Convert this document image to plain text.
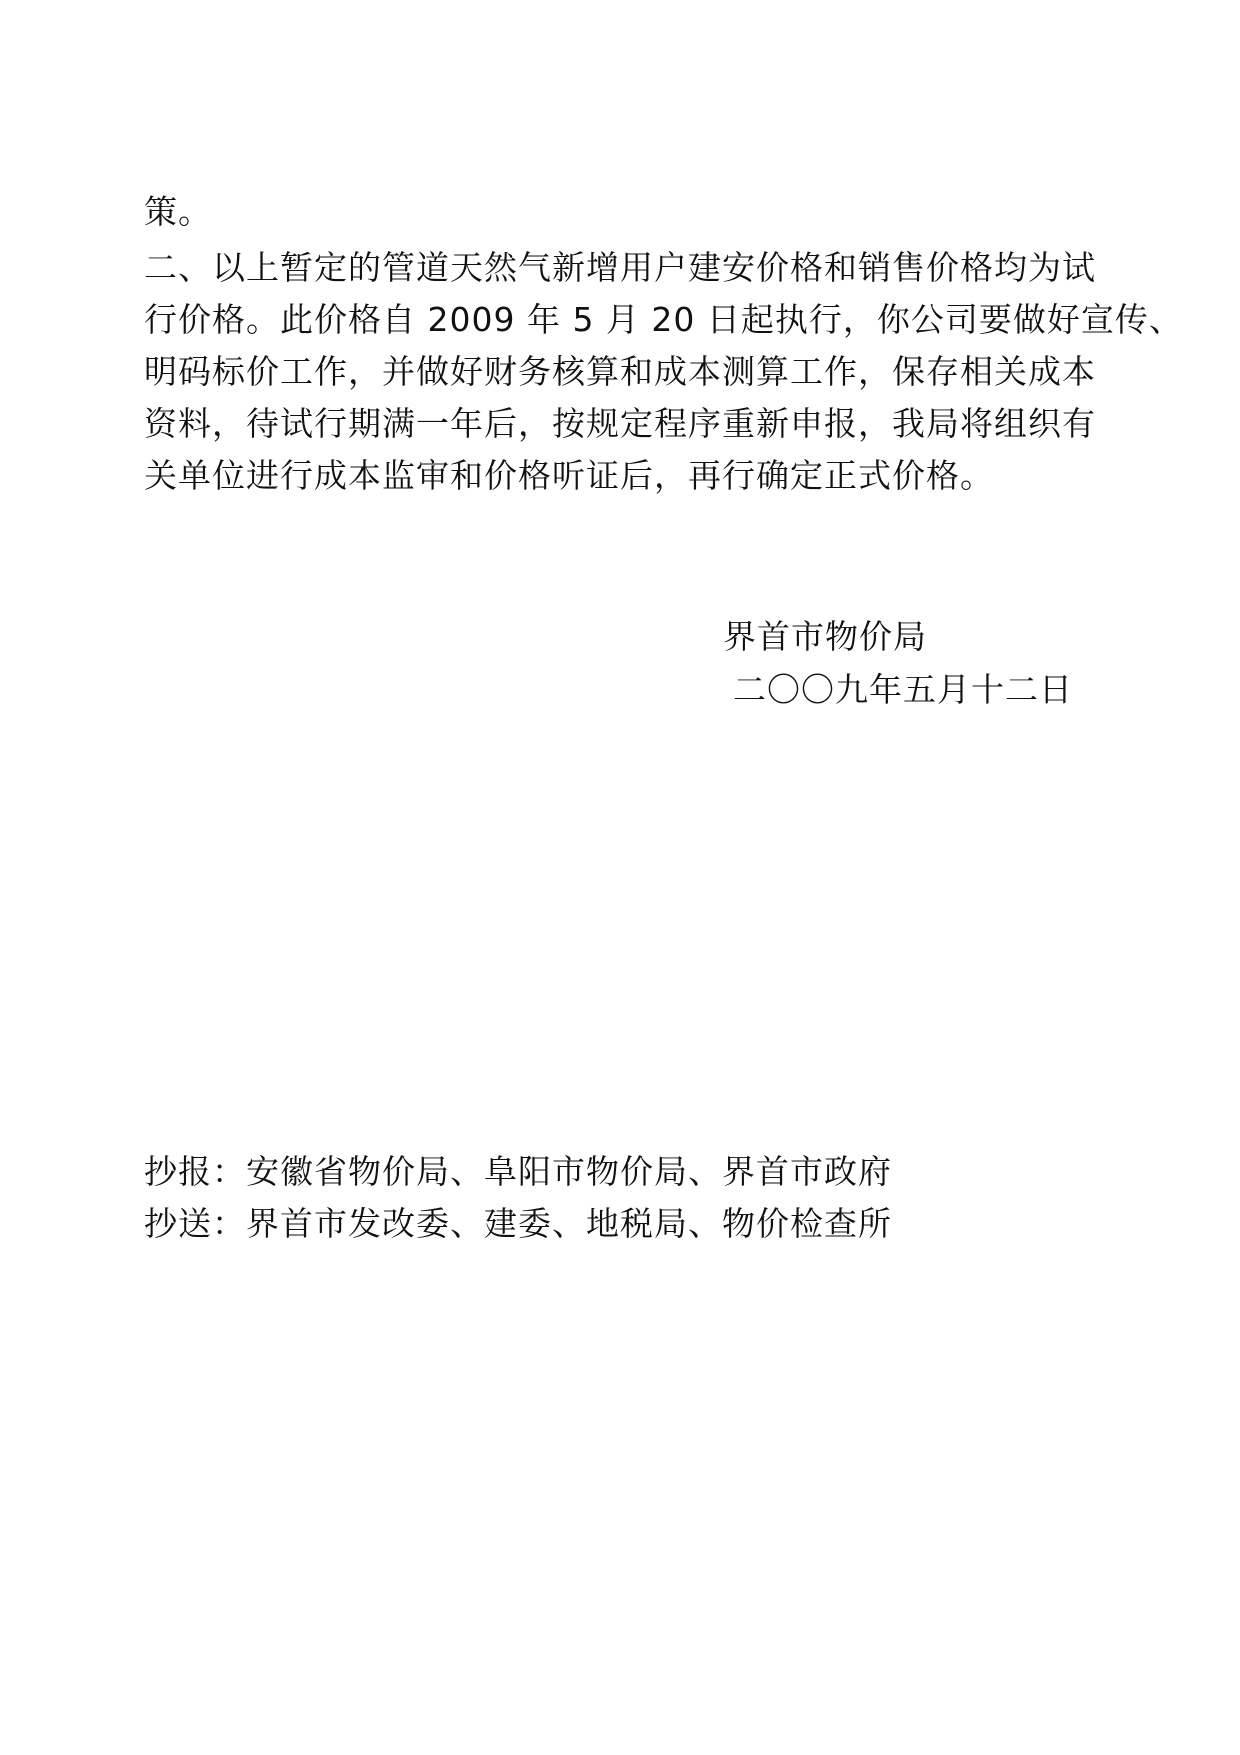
策。
二、以上暂定的管道天然气新增用户建安价格和销售价格均为试
行价格。此价格自 2009 年 5 月 20 日起执行，你公司要做好宣传、
明码标价工作，并做好财务核算和成本测算工作，保存相关成本
资料，待试行期满一年后，按规定程序重新申报，我局将组织有
关单位进行成本监审和价格听证后，再行确定正式价格。
界首市物价局
二〇〇九年五月十二日
抄报：安徽省物价局、阜阳市物价局、界首市政府
抄送：界首市发改委、建委、地税局、物价检查所
